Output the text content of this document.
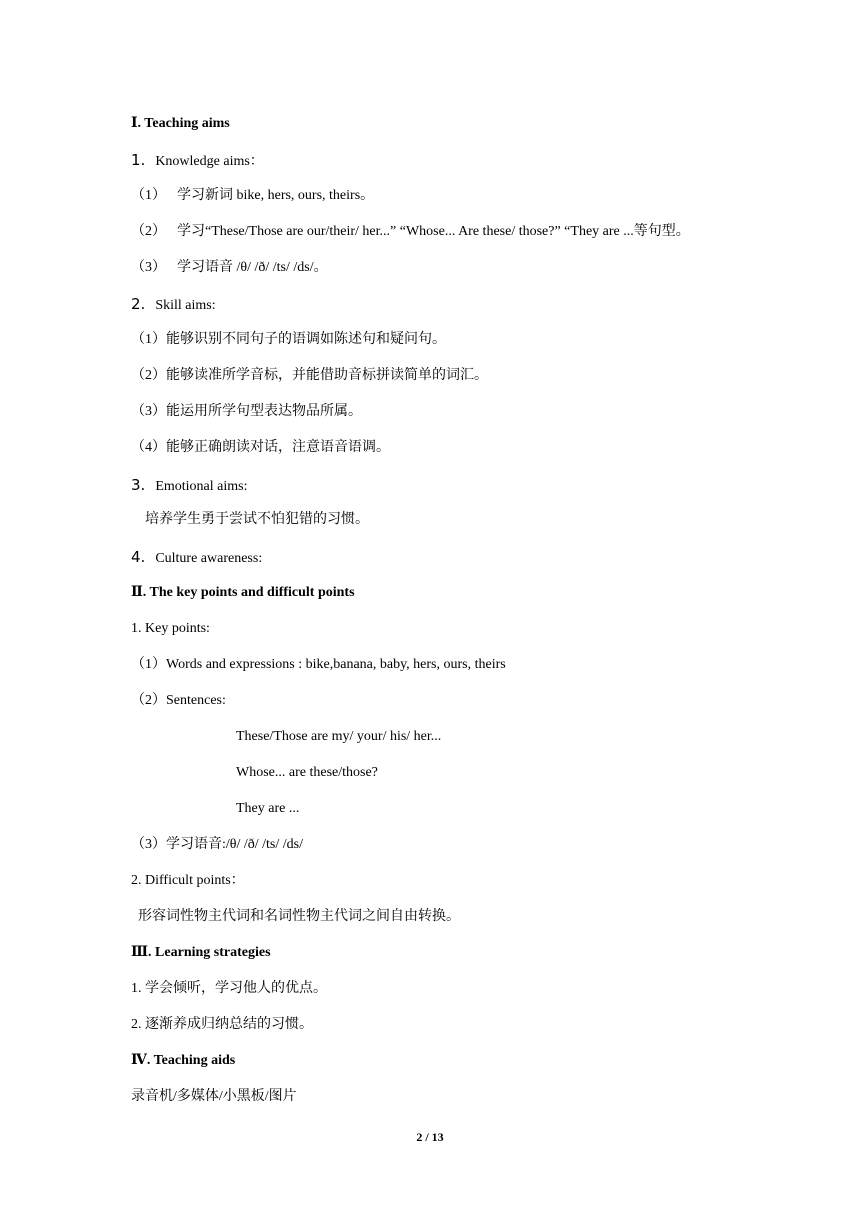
Ⅰ. Teaching aims
1. Knowledge aims：
（1） 学习新词 bike, hers, ours, theirs。
（2） 学习“These/Those are our/their/ her...” “Whose... Are these/ those?” “They are ...等句型。
（3） 学习语音 /θ/ /ð/ /ts/ /ds/。
2. Skill aims:
（1）能够识别不同句子的语调如陈述句和疑问句。
（2）能够读准所学音标，并能借助音标拼读简单的词汇。
（3）能运用所学句型表达物品所属。
（4）能够正确朗读对话，注意语音语调。
3. Emotional aims:
培养学生勇于尝试不怕犯错的习惯。
4. Culture awareness:
Ⅱ. The key points and difficult points
1. Key points:
（1）Words and expressions : bike,banana, baby, hers, ours, theirs
（2）Sentences:
These/Those are my/ your/ his/ her...
Whose... are these/those?
They are ...
（3）学习语音:/θ/ /ð/ /ts/ /ds/
2. Difficult points：
形容词性物主代词和名词性物主代词之间自由转换。
Ⅲ. Learning strategies
1. 学会倾听，学习他人的优点。
2. 逐渐养成归纳总结的习惯。
Ⅳ. Teaching aids
录音机/多媒体/小黑板/图片
2 / 13
